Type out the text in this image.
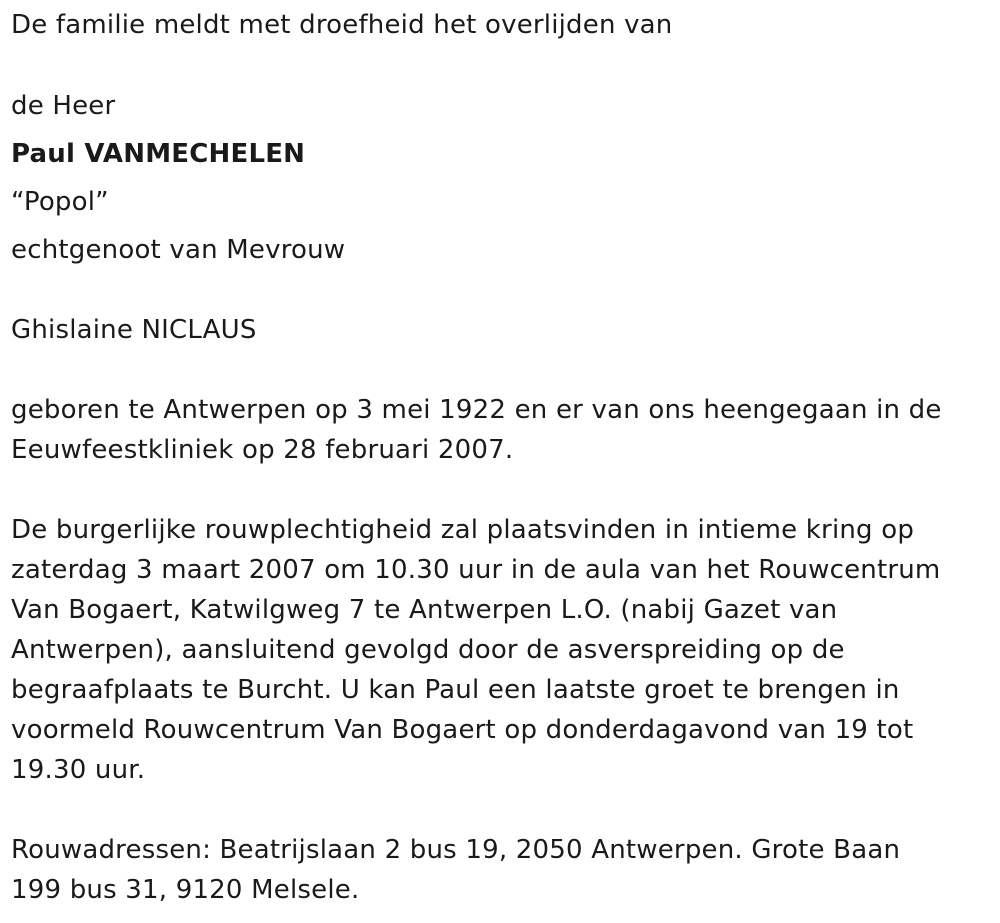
De familie meldt met droefheid het overlijden van
de Heer
Paul VANMECHELEN
“Popol”
echtgenoot van Mevrouw
Ghislaine NICLAUS
geboren te Antwerpen op 3 mei 1922 en er van ons heengegaan in de Eeuwfeestkliniek op 28 februari 2007.
De burgerlijke rouwplechtigheid zal plaatsvinden in intieme kring op zaterdag 3 maart 2007 om 10.30 uur in de aula van het Rouwcentrum Van Bogaert, Katwilgweg 7 te Antwerpen L.O. (nabij Gazet van Antwerpen), aansluitend gevolgd door de asverspreiding op de begraafplaats te Burcht. U kan Paul een laatste groet te brengen in voormeld Rouwcentrum Van Bogaert op donderdagavond van 19 tot 19.30 uur.
Rouwadressen: Beatrijslaan 2 bus 19, 2050 Antwerpen. Grote Baan 199 bus 31, 9120 Melsele.
